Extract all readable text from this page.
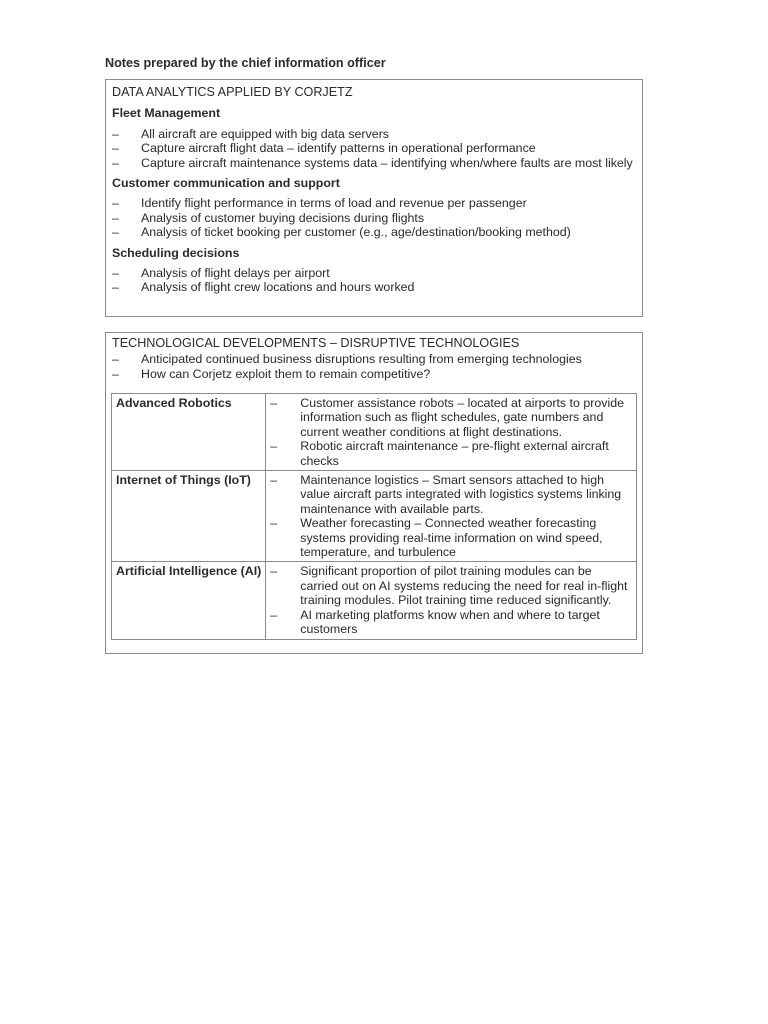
Notes prepared by the chief information officer
DATA ANALYTICS APPLIED BY CORJETZ
Fleet Management
–	All aircraft are equipped with big data servers
–	Capture aircraft flight data – identify patterns in operational performance
–	Capture aircraft maintenance systems data – identifying when/where faults are most likely
Customer communication and support
–	Identify flight performance in terms of load and revenue per passenger
–	Analysis of customer buying decisions during flights
–	Analysis of ticket booking per customer (e.g., age/destination/booking method)
Scheduling decisions
–	Analysis of flight delays per airport
–	Analysis of flight crew locations and hours worked
TECHNOLOGICAL DEVELOPMENTS – DISRUPTIVE TECHNOLOGIES
–	Anticipated continued business disruptions resulting from emerging technologies
–	How can Corjetz exploit them to remain competitive?
Advanced Robotics	– Customer assistance robots – located at airports to provide information such as flight schedules, gate numbers and current weather conditions at flight destinations.
– Robotic aircraft maintenance – pre-flight external aircraft checks

Internet of Things (IoT)	– Maintenance logistics – Smart sensors attached to high value aircraft parts integrated with logistics systems linking maintenance with available parts.
– Weather forecasting – Connected weather forecasting systems providing real-time information on wind speed, temperature, and turbulence

Artificial Intelligence (AI)	– Significant proportion of pilot training modules can be carried out on AI systems reducing the need for real in-flight training modules. Pilot training time reduced significantly.
– AI marketing platforms know when and where to target customers
